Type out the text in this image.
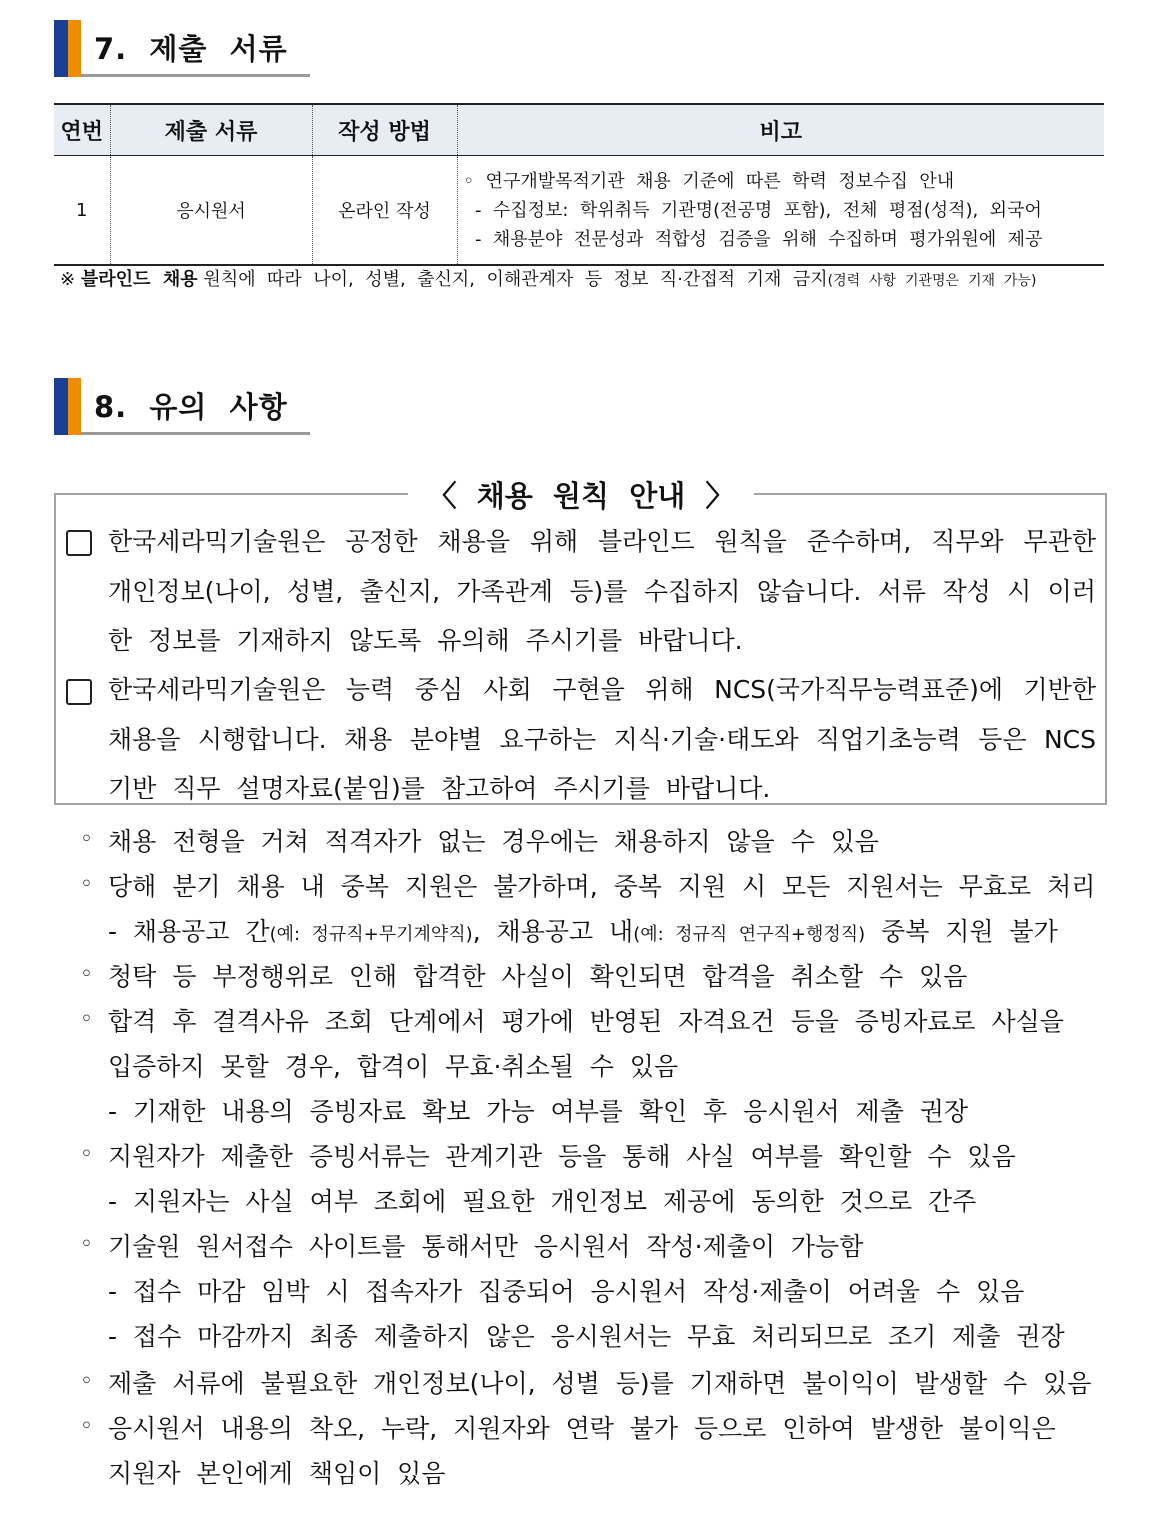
7.  제출  서류
연번	제출 서류	작성 방법	비고
1	응시원서	온라인 작성	◦  연구개발목적기관  채용  기준에  따른  학력  정보수집  안내
-  수집정보:  학위취득  기관명(전공명  포함),  전체  평점(성적),  외국어
-  채용분야  전문성과  적합성  검증을  위해  수집하며  평가위원에  제공
※ 블라인드  채용 원칙에  따라  나이,  성별,  출신지,  이해관계자  등  정보  직·간접적  기재  금지(경력  사항  기관명은  기재  가능)
8.  유의  사항
〈  채용  원칙  안내  〉
한국세라믹기술원은  공정한  채용을  위해  블라인드  원칙을  준수하며,  직무와  무관한  개인정보(나이,  성별,  출신지,  가족관계  등)를  수집하지  않습니다.  서류  작성  시  이러한  정보를  기재하지  않도록  유의해  주시기를  바랍니다.
한국세라믹기술원은  능력  중심  사회  구현을  위해  NCS(국가직무능력표준)에  기반한  채용을  시행합니다.  채용  분야별  요구하는  지식·기술·태도와  직업기초능력  등은  NCS  기반  직무  설명자료(붙임)를  참고하여  주시기를  바랍니다.
◦ 채용  전형을  거쳐  적격자가  없는  경우에는  채용하지  않을  수  있음
◦ 당해  분기  채용  내  중복  지원은  불가하며,  중복  지원  시  모든  지원서는  무효로  처리
-  채용공고  간(예:  정규직+무기계약직),  채용공고  내(예:  정규직  연구직+행정직)  중복  지원  불가
◦ 청탁  등  부정행위로  인해  합격한  사실이  확인되면  합격을  취소할  수  있음
◦ 합격  후  결격사유  조회  단계에서  평가에  반영된  자격요건  등을  증빙자료로  사실을
입증하지  못할  경우,  합격이  무효·취소될  수  있음
-  기재한  내용의  증빙자료  확보  가능  여부를  확인  후  응시원서  제출  권장
◦ 지원자가  제출한  증빙서류는  관계기관  등을  통해  사실  여부를  확인할  수  있음
-  지원자는  사실  여부  조회에  필요한  개인정보  제공에  동의한  것으로  간주
◦ 기술원  원서접수  사이트를  통해서만  응시원서  작성·제출이  가능함
-  접수  마감  임박  시  접속자가  집중되어  응시원서  작성·제출이  어려울  수  있음
-  접수  마감까지  최종  제출하지  않은  응시원서는  무효  처리되므로  조기  제출  권장
◦ 제출  서류에  불필요한  개인정보(나이,  성별  등)를  기재하면  불이익이  발생할  수  있음
◦ 응시원서  내용의  착오,  누락,  지원자와  연락  불가  등으로  인하여  발생한  불이익은
지원자  본인에게  책임이  있음
